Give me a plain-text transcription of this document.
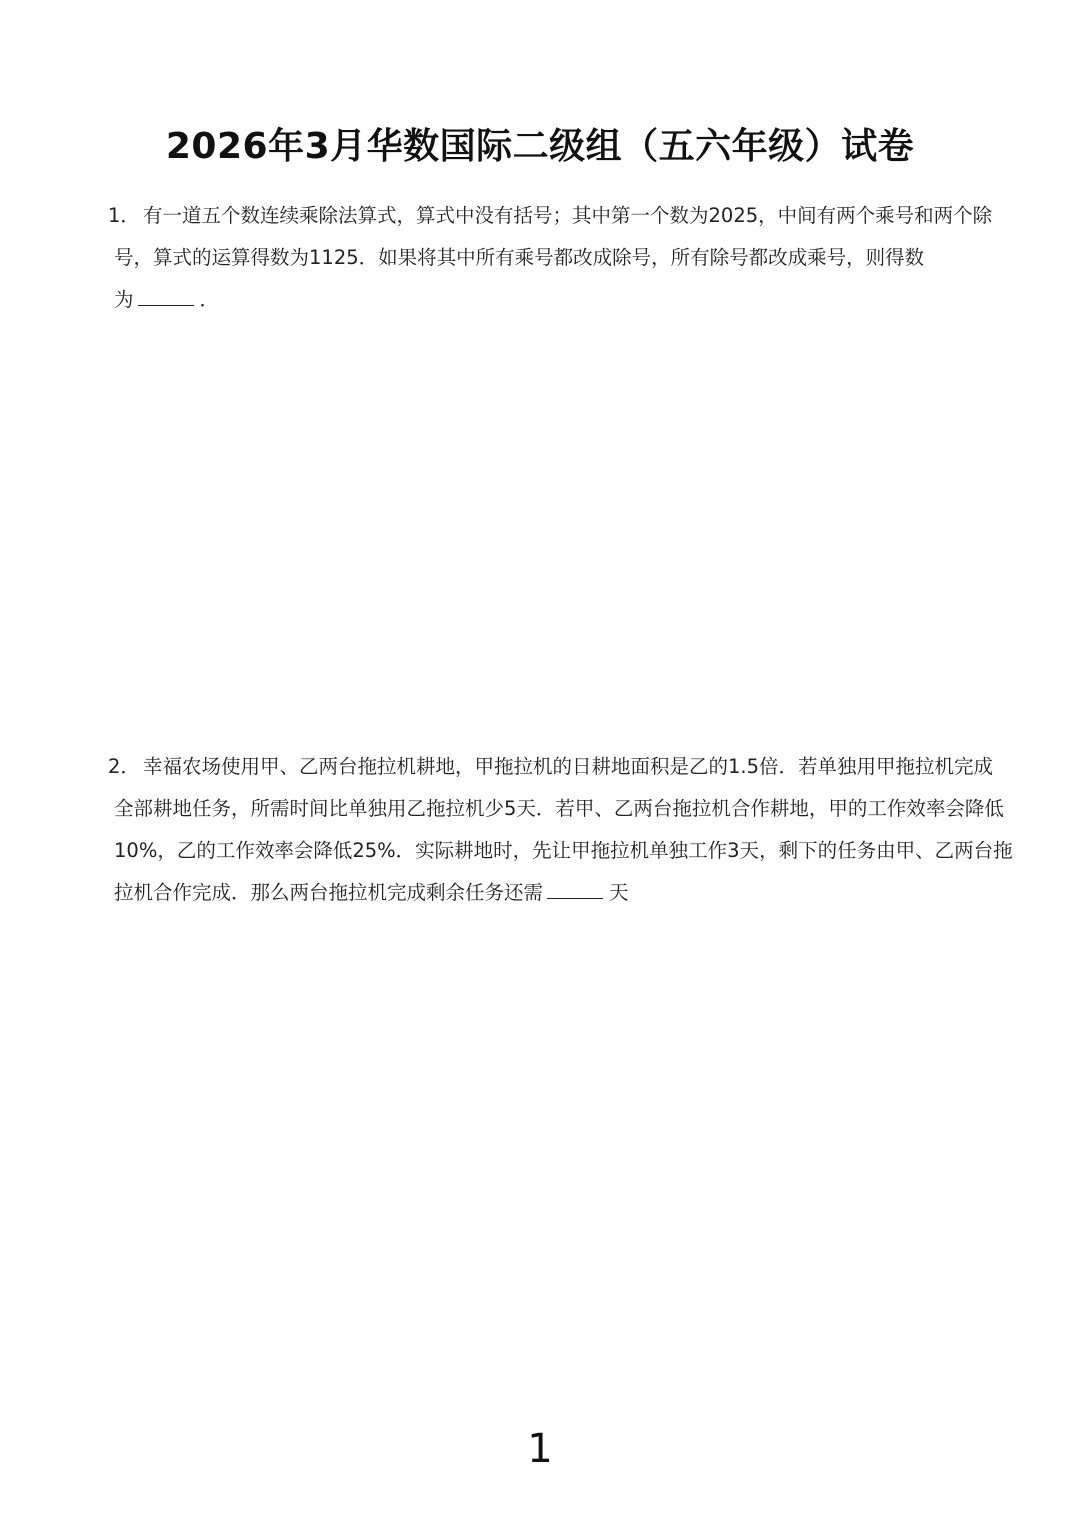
2026年3月华数国际二级组（五六年级）试卷
1． 有一道五个数连续乘除法算式，算式中没有括号；其中第一个数为2025，中间有两个乘号和两个除
号，算式的运算得数为1125．如果将其中所有乘号都改成除号，所有除号都改成乘号，则得数
为	．
2． 幸福农场使用甲、乙两台拖拉机耕地，甲拖拉机的日耕地面积是乙的1.5倍．若单独用甲拖拉机完成
全部耕地任务，所需时间比单独用乙拖拉机少5天．若甲、乙两台拖拉机合作耕地，甲的工作效率会降低
10%，乙的工作效率会降低25%．实际耕地时，先让甲拖拉机单独工作3天，剩下的任务由甲、乙两台拖
拉机合作完成．那么两台拖拉机完成剩余任务还需	天
1
